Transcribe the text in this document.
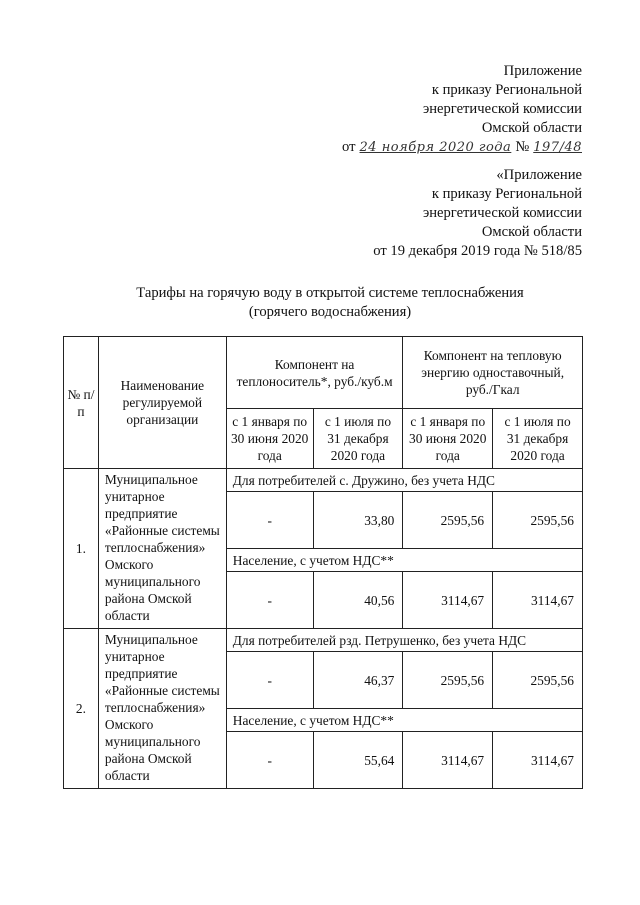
Приложение
к приказу Региональной
энергетической комиссии
Омской области
от 24 ноября 2020 года № 197/48
«Приложение
к приказу Региональной
энергетической комиссии
Омской области
от 19 декабря 2019 года № 518/85
Тарифы на горячую воду в открытой системе теплоснабжения
(горячего водоснабжения)
№ п/п	Наименование регулируемой организации	Компонент на теплоноситель*, руб./куб.м		Компонент на тепловую энергию одноставочный, руб./Гкал	
		с 1 января по 30 июня 2020 года	с 1 июля по 31 декабря 2020 года	с 1 января по 30 июня 2020 года	с 1 июля по 31 декабря 2020 года
1.	Муниципальное унитарное предприятие «Районные системы теплоснабжения» Омского муниципального района Омской области	Для потребителей с. Дружино, без учета НДС			
		-	33,80	2595,56	2595,56
		Население, с учетом НДС**			
		-	40,56	3114,67	3114,67
2.	Муниципальное унитарное предприятие «Районные системы теплоснабжения» Омского муниципального района Омской области	Для потребителей рзд. Петрушенко, без учета НДС			
		-	46,37	2595,56	2595,56
		Население, с учетом НДС**			
		-	55,64	3114,67	3114,67
